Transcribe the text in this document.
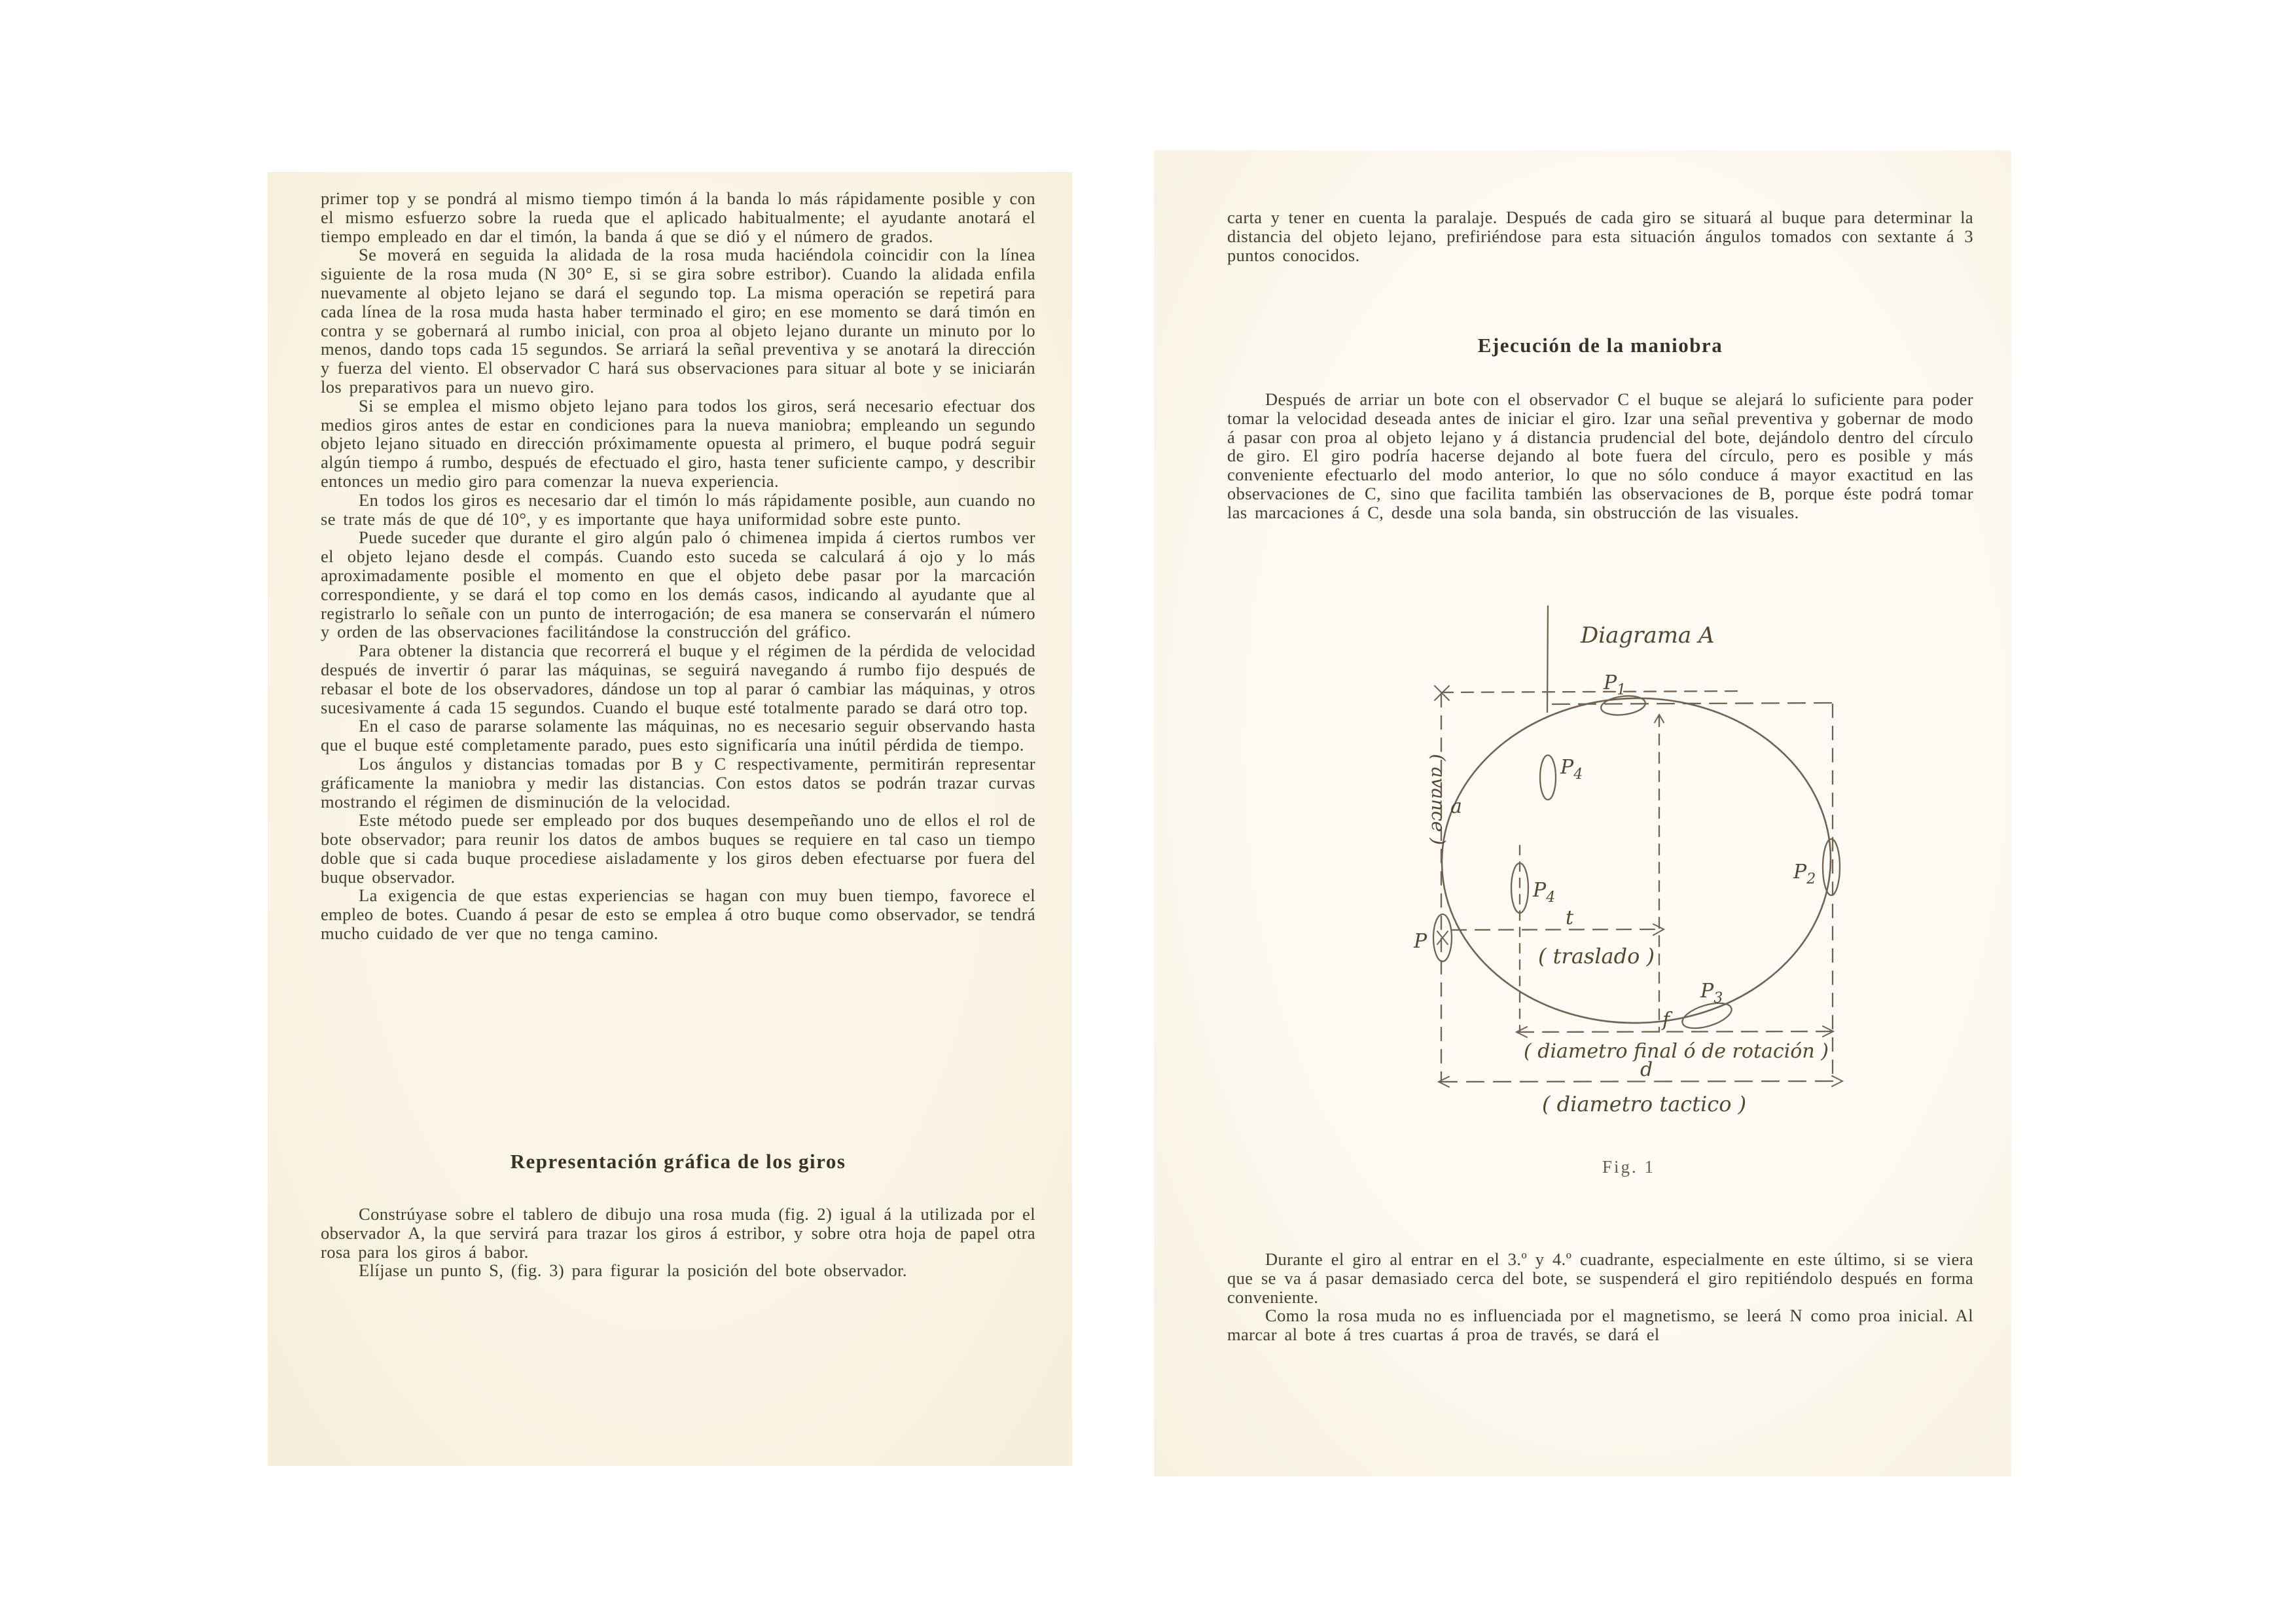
primer top y se pondrá al mismo tiempo timón á la banda lo más rápidamente posible y con el mismo esfuerzo sobre la rueda que el aplicado habitualmente; el ayudante anotará el tiempo empleado en dar el timón, la banda á que se dió y el número de grados.

Se moverá en seguida la alidada de la rosa muda haciéndola coincidir con la línea siguiente de la rosa muda (N 30° E, si se gira sobre estribor). Cuando la alidada enfila nuevamente al objeto lejano se dará el segundo top. La misma operación se repetirá para cada línea de la rosa muda hasta haber terminado el giro; en ese momento se dará timón en contra y se gobernará al rumbo inicial, con proa al objeto lejano durante un minuto por lo menos, dando tops cada 15 segundos. Se arriará la señal preventiva y se anotará la dirección y fuerza del viento. El observador C hará sus observaciones para situar al bote y se iniciarán los preparativos para un nuevo giro.

Si se emplea el mismo objeto lejano para todos los giros, será necesario efectuar dos medios giros antes de estar en condiciones para la nueva maniobra; empleando un segundo objeto lejano situado en dirección próximamente opuesta al primero, el buque podrá seguir algún tiempo á rumbo, después de efectuado el giro, hasta tener suficiente campo, y describir entonces un medio giro para comenzar la nueva experiencia.

En todos los giros es necesario dar el timón lo más rápidamente posible, aun cuando no se trate más de que dé 10°, y es importante que haya uniformidad sobre este punto.

Puede suceder que durante el giro algún palo ó chimenea impida á ciertos rumbos ver el objeto lejano desde el compás. Cuando esto suceda se calculará á ojo y lo más aproximadamente posible el momento en que el objeto debe pasar por la marcación correspondiente, y se dará el top como en los demás casos, indicando al ayudante que al registrarlo lo señale con un punto de interrogación; de esa manera se conservarán el número y orden de las observaciones facilitándose la construcción del gráfico.

Para obtener la distancia que recorrerá el buque y el régimen de la pérdida de velocidad después de invertir ó parar las máquinas, se seguirá navegando á rumbo fijo después de rebasar el bote de los observadores, dándose un top al parar ó cambiar las máquinas, y otros sucesivamente á cada 15 segundos. Cuando el buque esté totalmente parado se dará otro top.

En el caso de pararse solamente las máquinas, no es necesario seguir observando hasta que el buque esté completamente parado, pues esto significaría una inútil pérdida de tiempo.

Los ángulos y distancias tomadas por B y C respectivamente, permitirán representar gráficamente la maniobra y medir las distancias. Con estos datos se podrán trazar curvas mostrando el régimen de disminución de la velocidad.

Este método puede ser empleado por dos buques desempeñando uno de ellos el rol de bote observador; para reunir los datos de ambos buques se requiere en tal caso un tiempo doble que si cada buque procediese aisladamente y los giros deben efectuarse por fuera del buque observador.

La exigencia de que estas experiencias se hagan con muy buen tiempo, favorece el empleo de botes. Cuando á pesar de esto se emplea á otro buque como observador, se tendrá mucho cuidado de ver que no tenga camino.

Representación gráfica de los giros

Constrúyase sobre el tablero de dibujo una rosa muda (fig. 2) igual á la utilizada por el observador A, la que servirá para trazar los giros á estribor, y sobre otra hoja de papel otra rosa para los giros á babor.

Elíjase un punto S, (fig. 3) para figurar la posición del bote observador.

carta y tener en cuenta la paralaje. Después de cada giro se situará al buque para determinar la distancia del objeto lejano, prefiriéndose para esta situación ángulos tomados con sextante á 3 puntos conocidos.

Ejecución de la maniobra

Después de arriar un bote con el observador C el buque se alejará lo suficiente para poder tomar la velocidad deseada antes de iniciar el giro. Izar una señal preventiva y gobernar de modo á pasar con proa al objeto lejano y á distancia prudencial del bote, dejándolo dentro del círculo de giro. El giro podría hacerse dejando al bote fuera del círculo, pero es posible y más conveniente efectuarlo del modo anterior, lo que no sólo conduce á mayor exactitud en las observaciones de C, sino que facilita también las observaciones de B, porque éste podrá tomar las marcaciones á C, desde una sola banda, sin obstrucción de las visuales.

Diagrama A
$P_1$
$P_2$
$P_3$
$P_4$
$P_4$
P
a
( avance )
t
( traslado )
f
( diametro final ó de rotación )
d
( diametro tactico )
Fig. 1

Durante el giro al entrar en el 3.º y 4.º cuadrante, especialmente en este último, si se viera que se va á pasar demasiado cerca del bote, se suspenderá el giro repitiéndolo después en forma conveniente.

Como la rosa muda no es influenciada por el magnetismo, se leerá N como proa inicial. Al marcar al bote á tres cuartas á proa de través, se dará el
